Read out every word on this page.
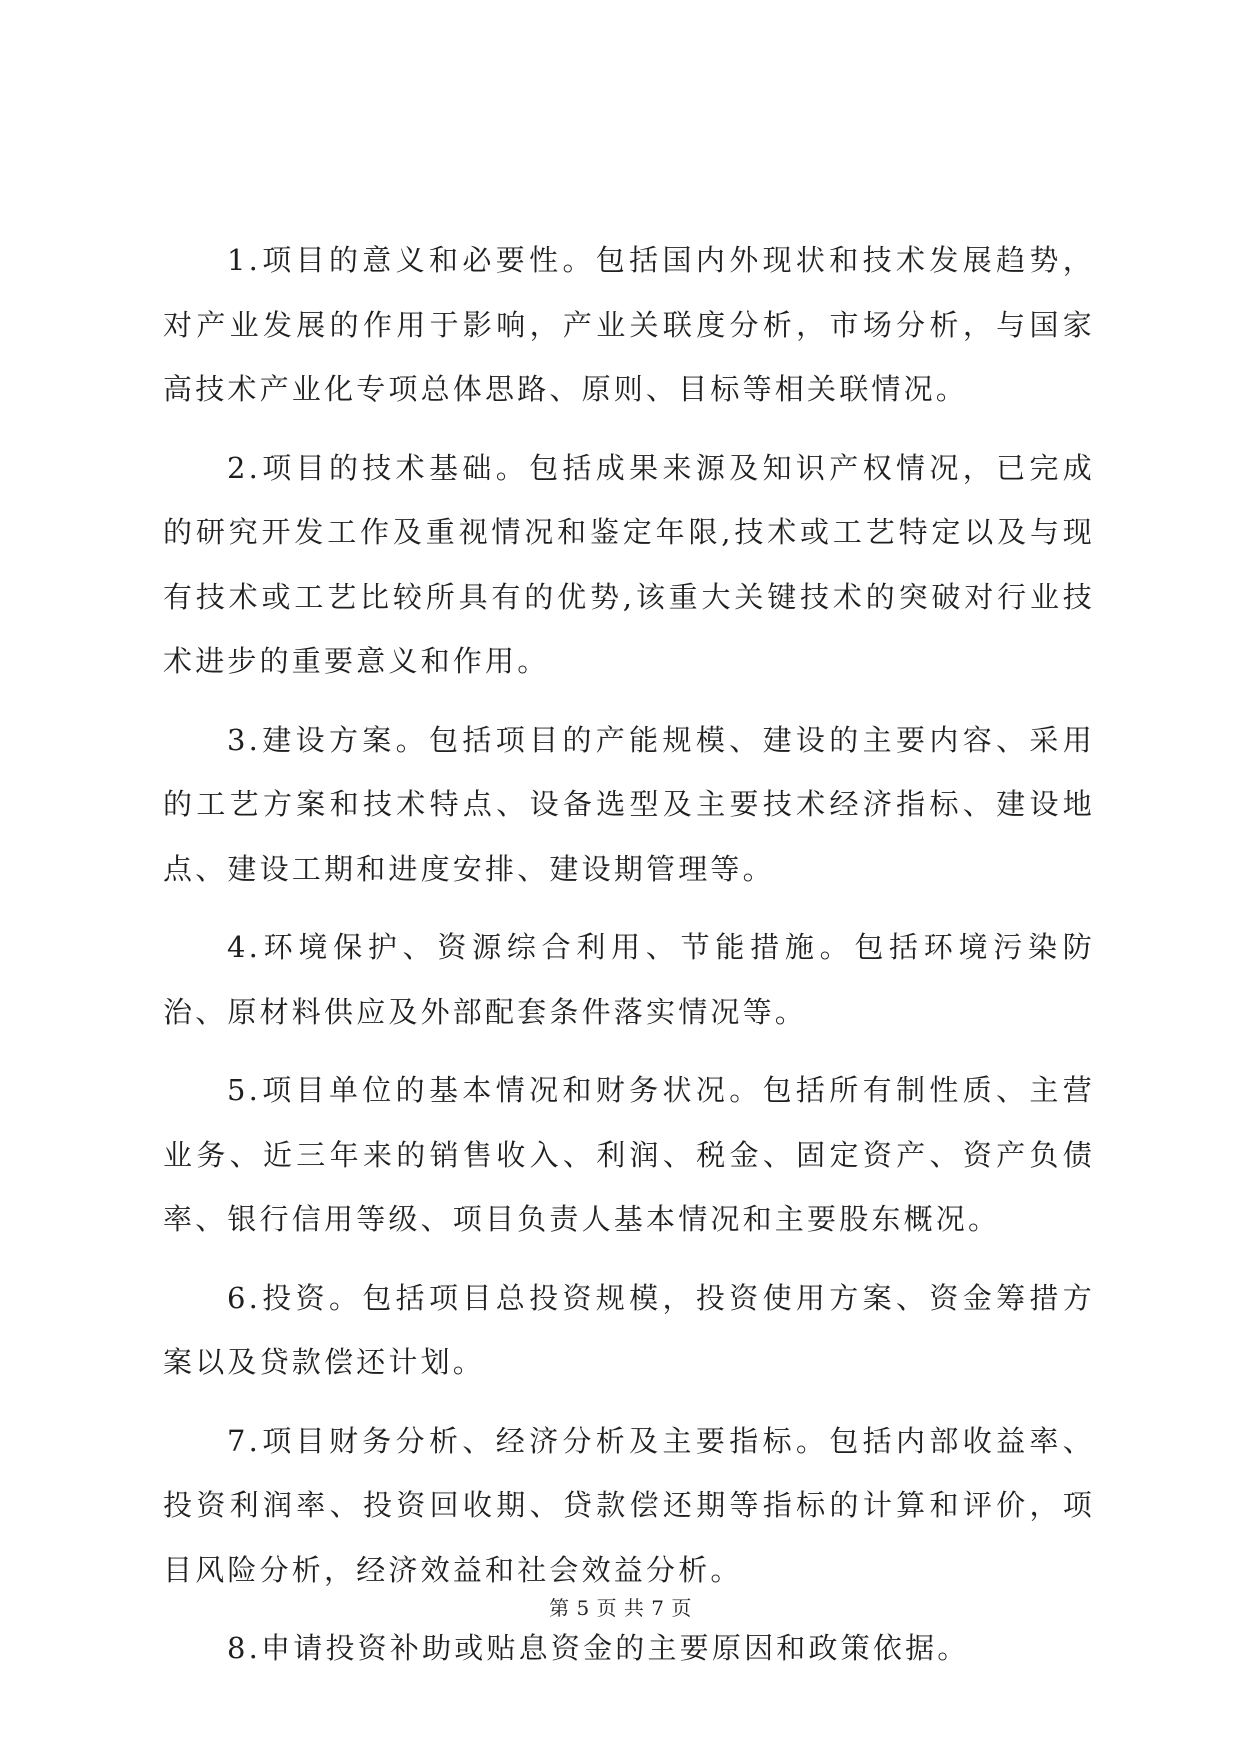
1.项目的意义和必要性。包括国内外现状和技术发展趋势，对产业发展的作用于影响，产业关联度分析，市场分析，与国家高技术产业化专项总体思路、原则、目标等相关联情况。

2.项目的技术基础。包括成果来源及知识产权情况，已完成的研究开发工作及重视情况和鉴定年限,技术或工艺特定以及与现有技术或工艺比较所具有的优势,该重大关键技术的突破对行业技术进步的重要意义和作用。

3.建设方案。包括项目的产能规模、建设的主要内容、采用的工艺方案和技术特点、设备选型及主要技术经济指标、建设地点、建设工期和进度安排、建设期管理等。

4.环境保护、资源综合利用、节能措施。包括环境污染防治、原材料供应及外部配套条件落实情况等。

5.项目单位的基本情况和财务状况。包括所有制性质、主营业务、近三年来的销售收入、利润、税金、固定资产、资产负债率、银行信用等级、项目负责人基本情况和主要股东概况。

6.投资。包括项目总投资规模，投资使用方案、资金筹措方案以及贷款偿还计划。

7.项目财务分析、经济分析及主要指标。包括内部收益率、投资利润率、投资回收期、贷款偿还期等指标的计算和评价，项目风险分析，经济效益和社会效益分析。

8.申请投资补助或贴息资金的主要原因和政策依据。

第 5 页 共 7 页
